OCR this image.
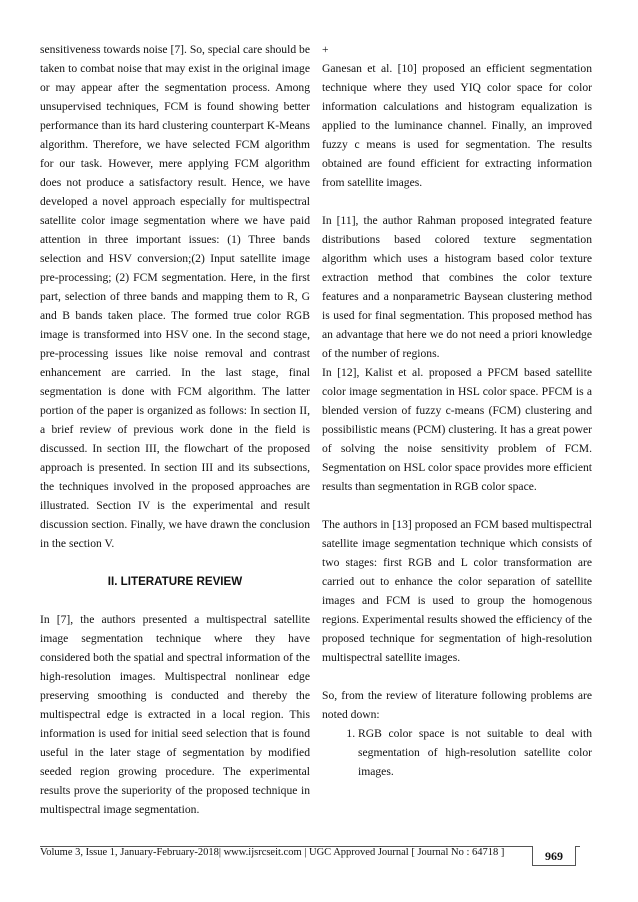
sensitiveness towards noise [7]. So, special care should be taken to combat noise that may exist in the original image or may appear after the segmentation process. Among unsupervised techniques, FCM is found showing better performance than its hard clustering counterpart K-Means algorithm. Therefore, we have selected FCM algorithm for our task. However, mere applying FCM algorithm does not produce a satisfactory result. Hence, we have developed a novel approach especially for multispectral satellite color image segmentation where we have paid attention in three important issues: (1) Three bands selection and HSV conversion;(2) Input satellite image pre-processing; (2) FCM segmentation. Here, in the first part, selection of three bands and mapping them to R, G and B bands taken place. The formed true color RGB image is transformed into HSV one. In the second stage, pre-processing issues like noise removal and contrast enhancement are carried. In the last stage, final segmentation is done with FCM algorithm. The latter portion of the paper is organized as follows: In section II, a brief review of previous work done in the field is discussed. In section III, the flowchart of the proposed approach is presented. In section III and its subsections, the techniques involved in the proposed approaches are illustrated. Section IV is the experimental and result discussion section. Finally, we have drawn the conclusion in the section V.

II. LITERATURE REVIEW

In [7], the authors presented a multispectral satellite image segmentation technique where they have considered both the spatial and spectral information of the high-resolution images. Multispectral nonlinear edge preserving smoothing is conducted and thereby the multispectral edge is extracted in a local region. This information is used for initial seed selection that is found useful in the later stage of segmentation by modified seeded region growing procedure. The experimental results prove the superiority of the proposed technique in multispectral image segmentation.

+

Ganesan et al. [10] proposed an efficient segmentation technique where they used YIQ color space for color information calculations and histogram equalization is applied to the luminance channel. Finally, an improved fuzzy c means is used for segmentation. The results obtained are found efficient for extracting information from satellite images.

In [11], the author Rahman proposed integrated feature distributions based colored texture segmentation algorithm which uses a histogram based color texture extraction method that combines the color texture features and a nonparametric Baysean clustering method is used for final segmentation. This proposed method has an advantage that here we do not need a priori knowledge of the number of regions.

In [12], Kalist et al. proposed a PFCM based satellite color image segmentation in HSL color space. PFCM is a blended version of fuzzy c-means (FCM) clustering and possibilistic means (PCM) clustering. It has a great power of solving the noise sensitivity problem of FCM. Segmentation on HSL color space provides more efficient results than segmentation in RGB color space.

The authors in [13] proposed an FCM based multispectral satellite image segmentation technique which consists of two stages: first RGB and L color transformation are carried out to enhance the color separation of satellite images and FCM is used to group the homogenous regions. Experimental results showed the efficiency of the proposed technique for segmentation of high-resolution multispectral satellite images.

So, from the review of literature following problems are noted down:

1. RGB color space is not suitable to deal with segmentation of high-resolution satellite color images.
Volume 3, Issue 1, January-February-2018| www.ijsrcseit.com | UGC Approved Journal [ Journal No : 64718 ]	969
